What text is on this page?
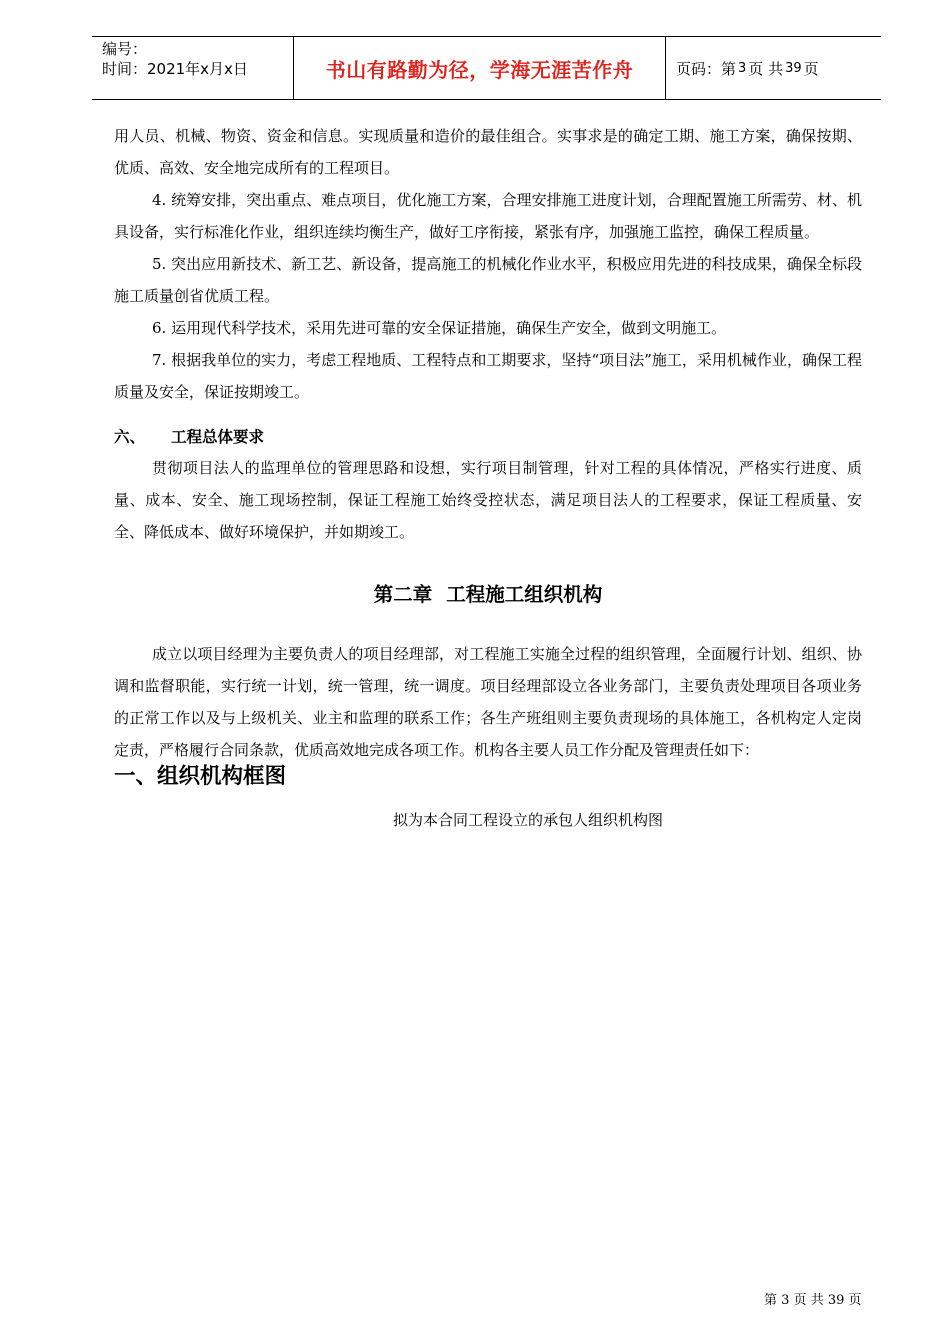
编号：
时间：2021年x月x日	书山有路勤为径，学海无涯苦作舟	页码：第 3 页 共 39 页

用人员、机械、物资、资金和信息。实现质量和造价的最佳组合。实事求是的确定工期、施工方案，确保按期、优质、高效、安全地完成所有的工程项目。

4. 统筹安排，突出重点、难点项目，优化施工方案，合理安排施工进度计划，合理配置施工所需劳、材、机具设备，实行标准化作业，组织连续均衡生产，做好工序衔接，紧张有序，加强施工监控，确保工程质量。

5. 突出应用新技术、新工艺、新设备，提高施工的机械化作业水平，积极应用先进的科技成果，确保全标段施工质量创省优质工程。

6. 运用现代科学技术，采用先进可靠的安全保证措施，确保生产安全，做到文明施工。

7. 根据我单位的实力，考虑工程地质、工程特点和工期要求，坚持“项目法”施工，采用机械作业，确保工程质量及安全，保证按期竣工。

六、 工程总体要求

贯彻项目法人的监理单位的管理思路和设想，实行项目制管理，针对工程的具体情况，严格实行进度、质量、成本、安全、施工现场控制，保证工程施工始终受控状态，满足项目法人的工程要求，保证工程质量、安全、降低成本、做好环境保护，并如期竣工。

第二章 工程施工组织机构

成立以项目经理为主要负责人的项目经理部，对工程施工实施全过程的组织管理，全面履行计划、组织、协调和监督职能，实行统一计划，统一管理，统一调度。项目经理部设立各业务部门，主要负责处理项目各项业务的正常工作以及与上级机关、业主和监理的联系工作；各生产班组则主要负责现场的具体施工，各机构定人定岗定责，严格履行合同条款，优质高效地完成各项工作。机构各主要人员工作分配及管理责任如下：

一、组织机构框图
拟为本合同工程设立的承包人组织机构图
第 3 页 共 39 页
